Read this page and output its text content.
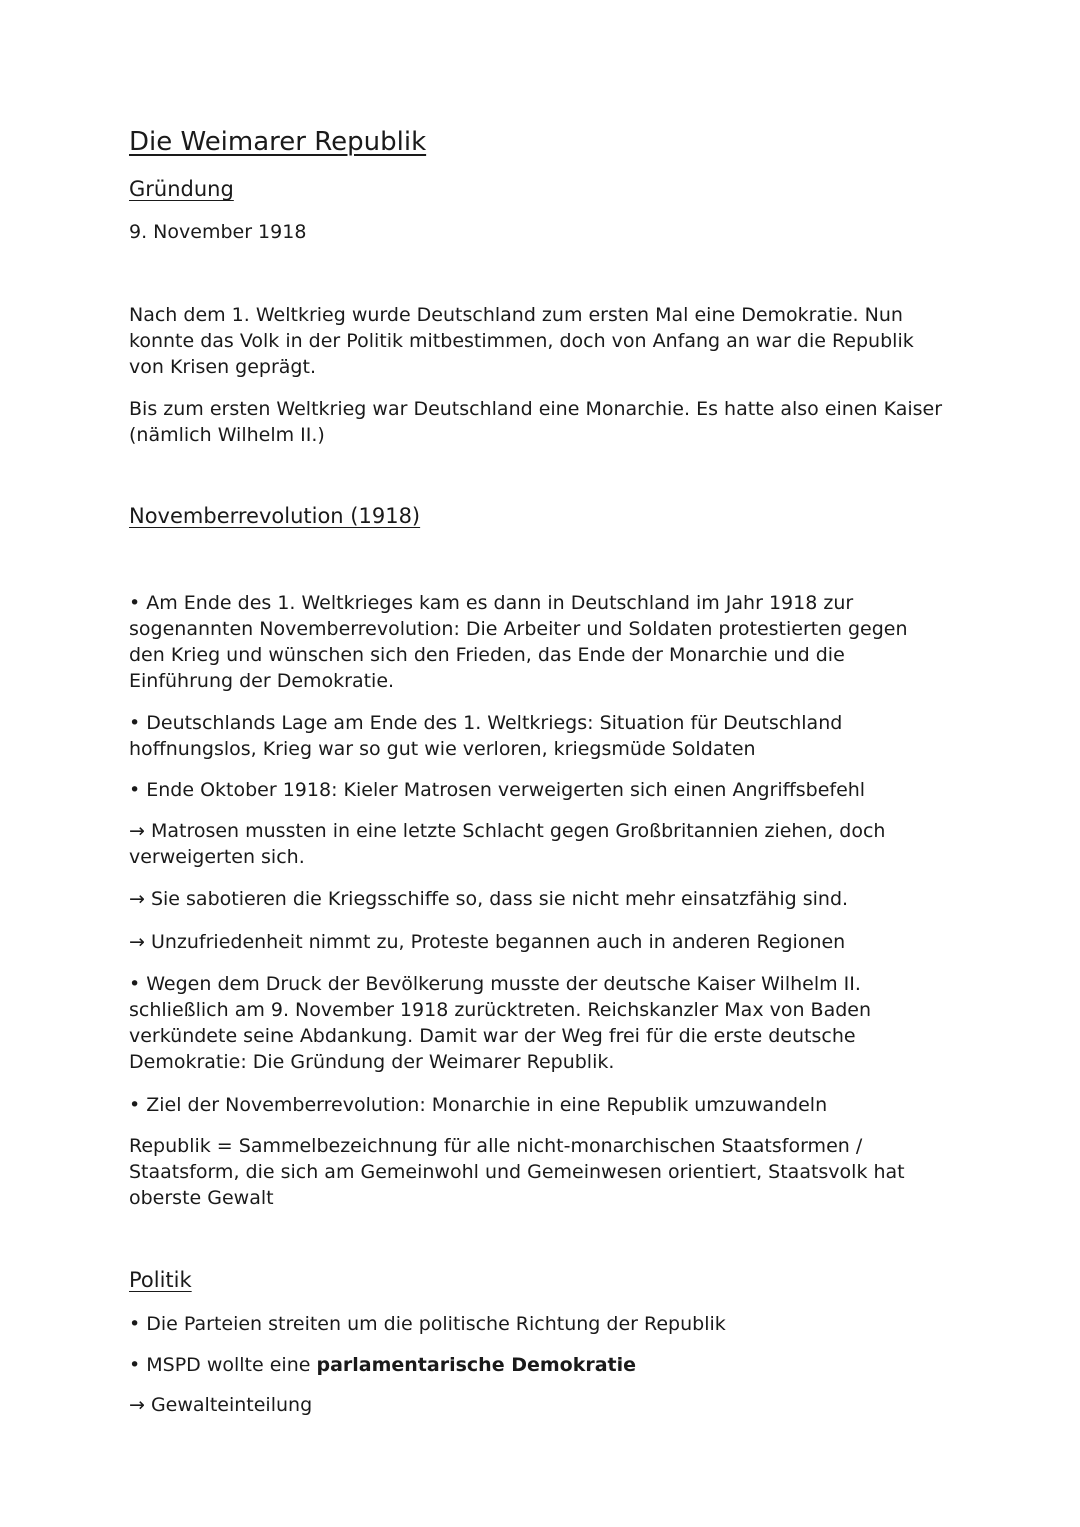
Die Weimarer Republik
Gründung

9. November 1918

Nach dem 1. Weltkrieg wurde Deutschland zum ersten Mal eine Demokratie. Nun konnte das Volk in der Politik mitbestimmen, doch von Anfang an war die Republik von Krisen geprägt.

Bis zum ersten Weltkrieg war Deutschland eine Monarchie. Es hatte also einen Kaiser (nämlich Wilhelm II.)

Novemberrevolution (1918)

• Am Ende des 1. Weltkrieges kam es dann in Deutschland im Jahr 1918 zur sogenannten Novemberrevolution: Die Arbeiter und Soldaten protestierten gegen den Krieg und wünschen sich den Frieden, das Ende der Monarchie und die Einführung der Demokratie.

• Deutschlands Lage am Ende des 1. Weltkriegs: Situation für Deutschland hoffnungslos, Krieg war so gut wie verloren, kriegsmüde Soldaten

• Ende Oktober 1918: Kieler Matrosen verweigerten sich einen Angriffsbefehl

→ Matrosen mussten in eine letzte Schlacht gegen Großbritannien ziehen, doch verweigerten sich.

→ Sie sabotieren die Kriegsschiffe so, dass sie nicht mehr einsatzfähig sind.

→ Unzufriedenheit nimmt zu, Proteste begannen auch in anderen Regionen

• Wegen dem Druck der Bevölkerung musste der deutsche Kaiser Wilhelm II. schließlich am 9. November 1918 zurücktreten. Reichskanzler Max von Baden verkündete seine Abdankung. Damit war der Weg frei für die erste deutsche Demokratie: Die Gründung der Weimarer Republik.

• Ziel der Novemberrevolution: Monarchie in eine Republik umzuwandeln

Republik = Sammelbezeichnung für alle nicht-monarchischen Staatsformen / Staatsform, die sich am Gemeinwohl und Gemeinwesen orientiert, Staatsvolk hat oberste Gewalt

Politik

• Die Parteien streiten um die politische Richtung der Republik

• MSPD wollte eine parlamentarische Demokratie

→ Gewalteinteilung
